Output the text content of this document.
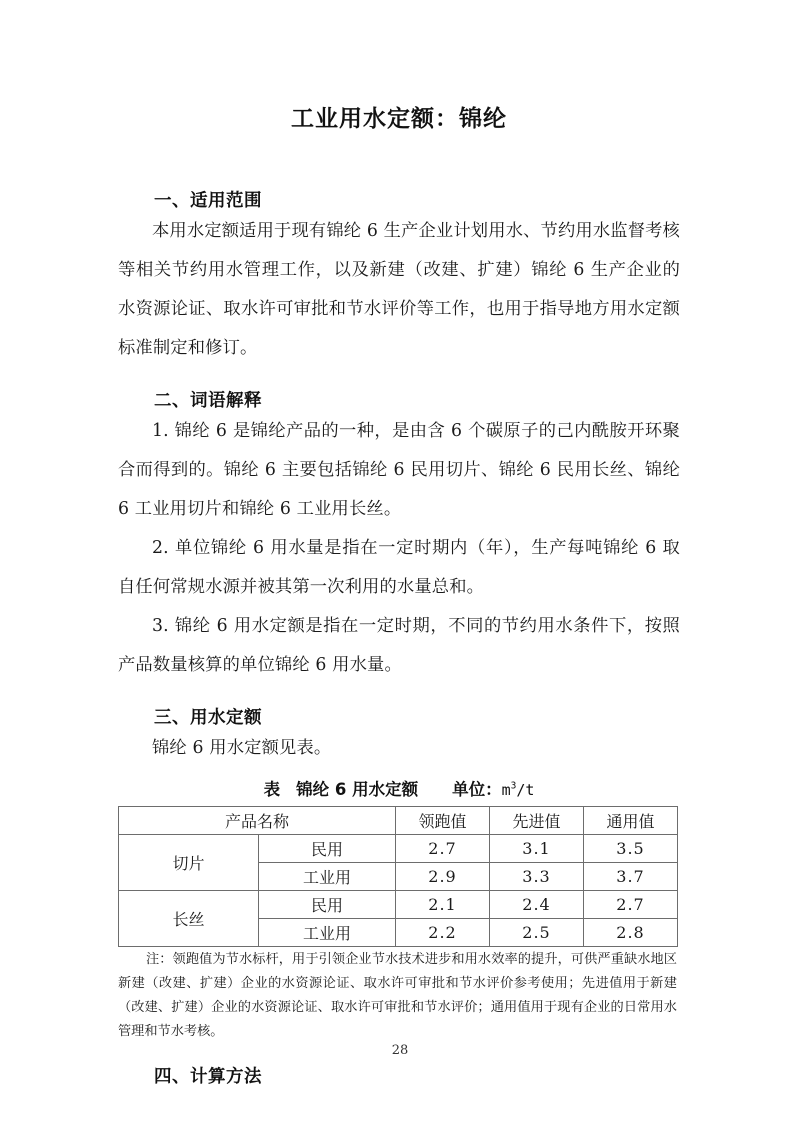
工业用水定额：锦纶
一、适用范围

本用水定额适用于现有锦纶 6 生产企业计划用水、节约用水监督考核等相关节约用水管理工作，以及新建（改建、扩建）锦纶 6 生产企业的水资源论证、取水许可审批和节水评价等工作，也用于指导地方用水定额标准制定和修订。

二、词语解释

1. 锦纶 6 是锦纶产品的一种，是由含 6 个碳原子的己内酰胺开环聚合而得到的。锦纶 6 主要包括锦纶 6 民用切片、锦纶 6 民用长丝、锦纶 6 工业用切片和锦纶 6 工业用长丝。

2. 单位锦纶 6 用水量是指在一定时期内（年），生产每吨锦纶 6 取自任何常规水源并被其第一次利用的水量总和。

3. 锦纶 6 用水定额是指在一定时期，不同的节约用水条件下，按照产品数量核算的单位锦纶 6 用水量。

三、用水定额

锦纶 6 用水定额见表。

表 锦纶 6 用水定额 单位：$m^3/t$
产品名称		领跑值	先进值	通用值
切片	民用	2.7	3.1	3.5
	工业用	2.9	3.3	3.7
长丝	民用	2.1	2.4	2.7
	工业用	2.2	2.5	2.8

注：领跑值为节水标杆，用于引领企业节水技术进步和用水效率的提升，可供严重缺水地区新建（改建、扩建）企业的水资源论证、取水许可审批和节水评价参考使用；先进值用于新建（改建、扩建）企业的水资源论证、取水许可审批和节水评价；通用值用于现有企业的日常用水管理和节水考核。

四、计算方法
28
